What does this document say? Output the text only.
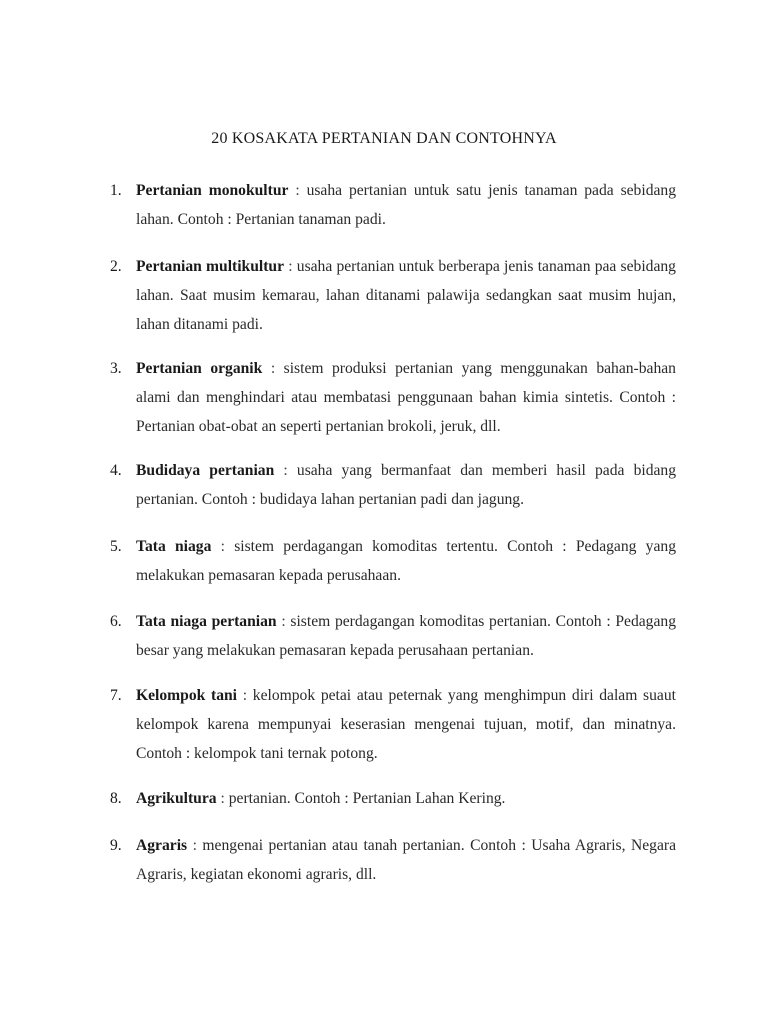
20 KOSAKATA PERTANIAN DAN CONTOHNYA
1. Pertanian monokultur : usaha pertanian untuk satu jenis tanaman pada sebidang lahan. Contoh : Pertanian tanaman padi.
2. Pertanian multikultur : usaha pertanian untuk berberapa jenis tanaman paa sebidang lahan. Saat musim kemarau, lahan ditanami palawija sedangkan saat musim hujan, lahan ditanami padi.
3. Pertanian organik : sistem produksi pertanian yang menggunakan bahan-bahan alami dan menghindari atau membatasi penggunaan bahan kimia sintetis. Contoh : Pertanian obat-obat an seperti pertanian brokoli, jeruk, dll.
4. Budidaya pertanian : usaha yang bermanfaat dan memberi hasil pada bidang pertanian. Contoh : budidaya lahan pertanian padi dan jagung.
5. Tata niaga : sistem perdagangan komoditas tertentu. Contoh : Pedagang yang melakukan pemasaran kepada perusahaan.
6. Tata niaga pertanian : sistem perdagangan komoditas pertanian. Contoh : Pedagang besar yang melakukan pemasaran kepada perusahaan pertanian.
7. Kelompok tani : kelompok petai atau peternak yang menghimpun diri dalam suaut kelompok karena mempunyai keserasian mengenai tujuan, motif, dan minatnya. Contoh : kelompok tani ternak potong.
8. Agrikultura : pertanian. Contoh : Pertanian Lahan Kering.
9. Agraris : mengenai pertanian atau tanah pertanian. Contoh : Usaha Agraris, Negara Agraris, kegiatan ekonomi agraris, dll.
